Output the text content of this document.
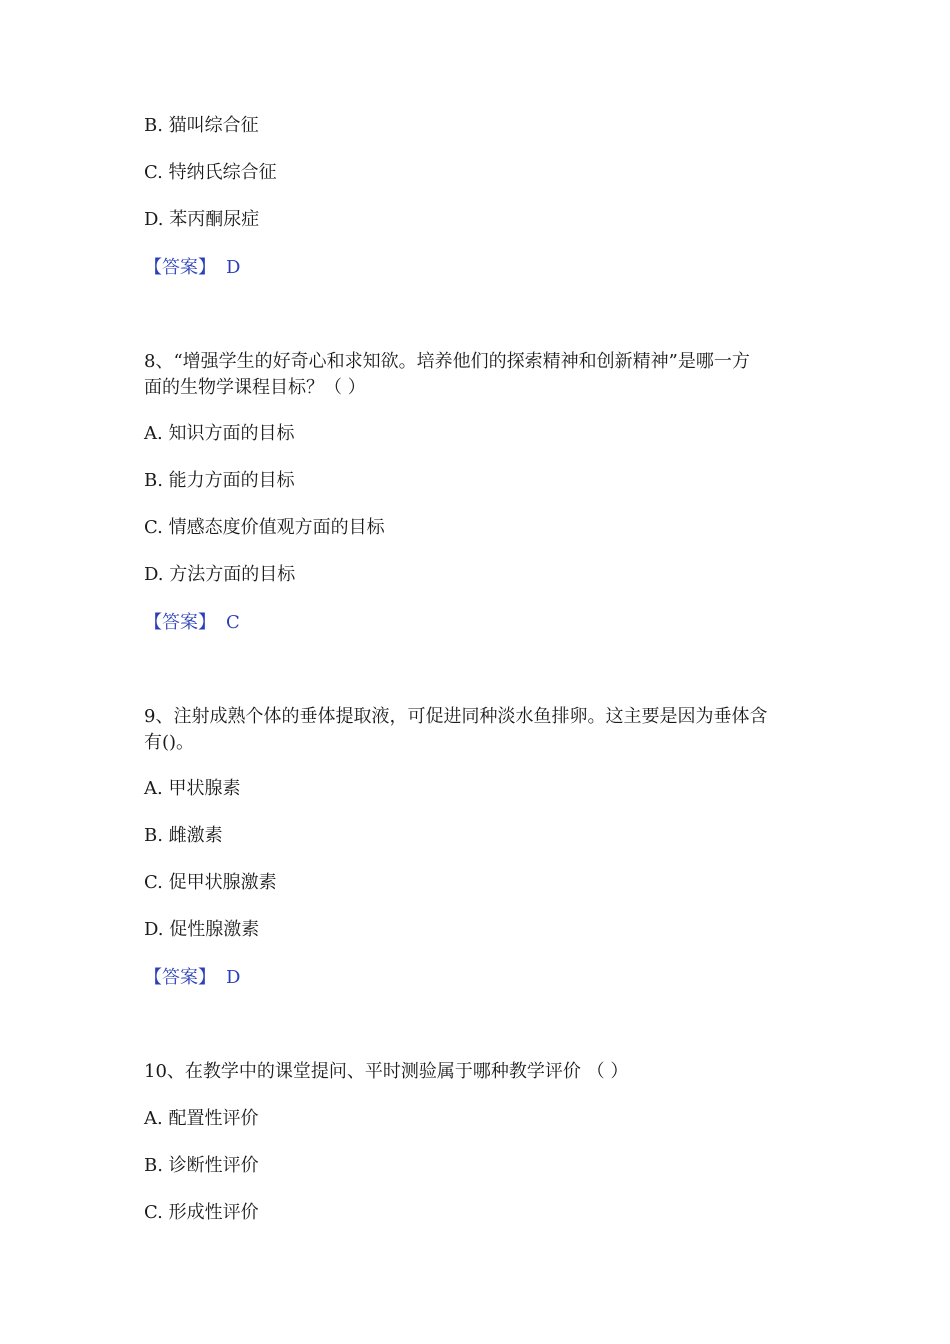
B. 猫叫综合征
C. 特纳氏综合征
D. 苯丙酮尿症
【答案】 D
8、“增强学生的好奇心和求知欲。培养他们的探索精神和创新精神”是哪一方
面的生物学课程目标？（ ）
A. 知识方面的目标
B. 能力方面的目标
C. 情感态度价值观方面的目标
D. 方法方面的目标
【答案】 C
9、注射成熟个体的垂体提取液，可促进同种淡水鱼排卵。这主要是因为垂体含
有()。
A. 甲状腺素
B. 雌激素
C. 促甲状腺激素
D. 促性腺激素
【答案】 D
10、在教学中的课堂提问、平时测验属于哪种教学评价 （ ）
A. 配置性评价
B. 诊断性评价
C. 形成性评价
